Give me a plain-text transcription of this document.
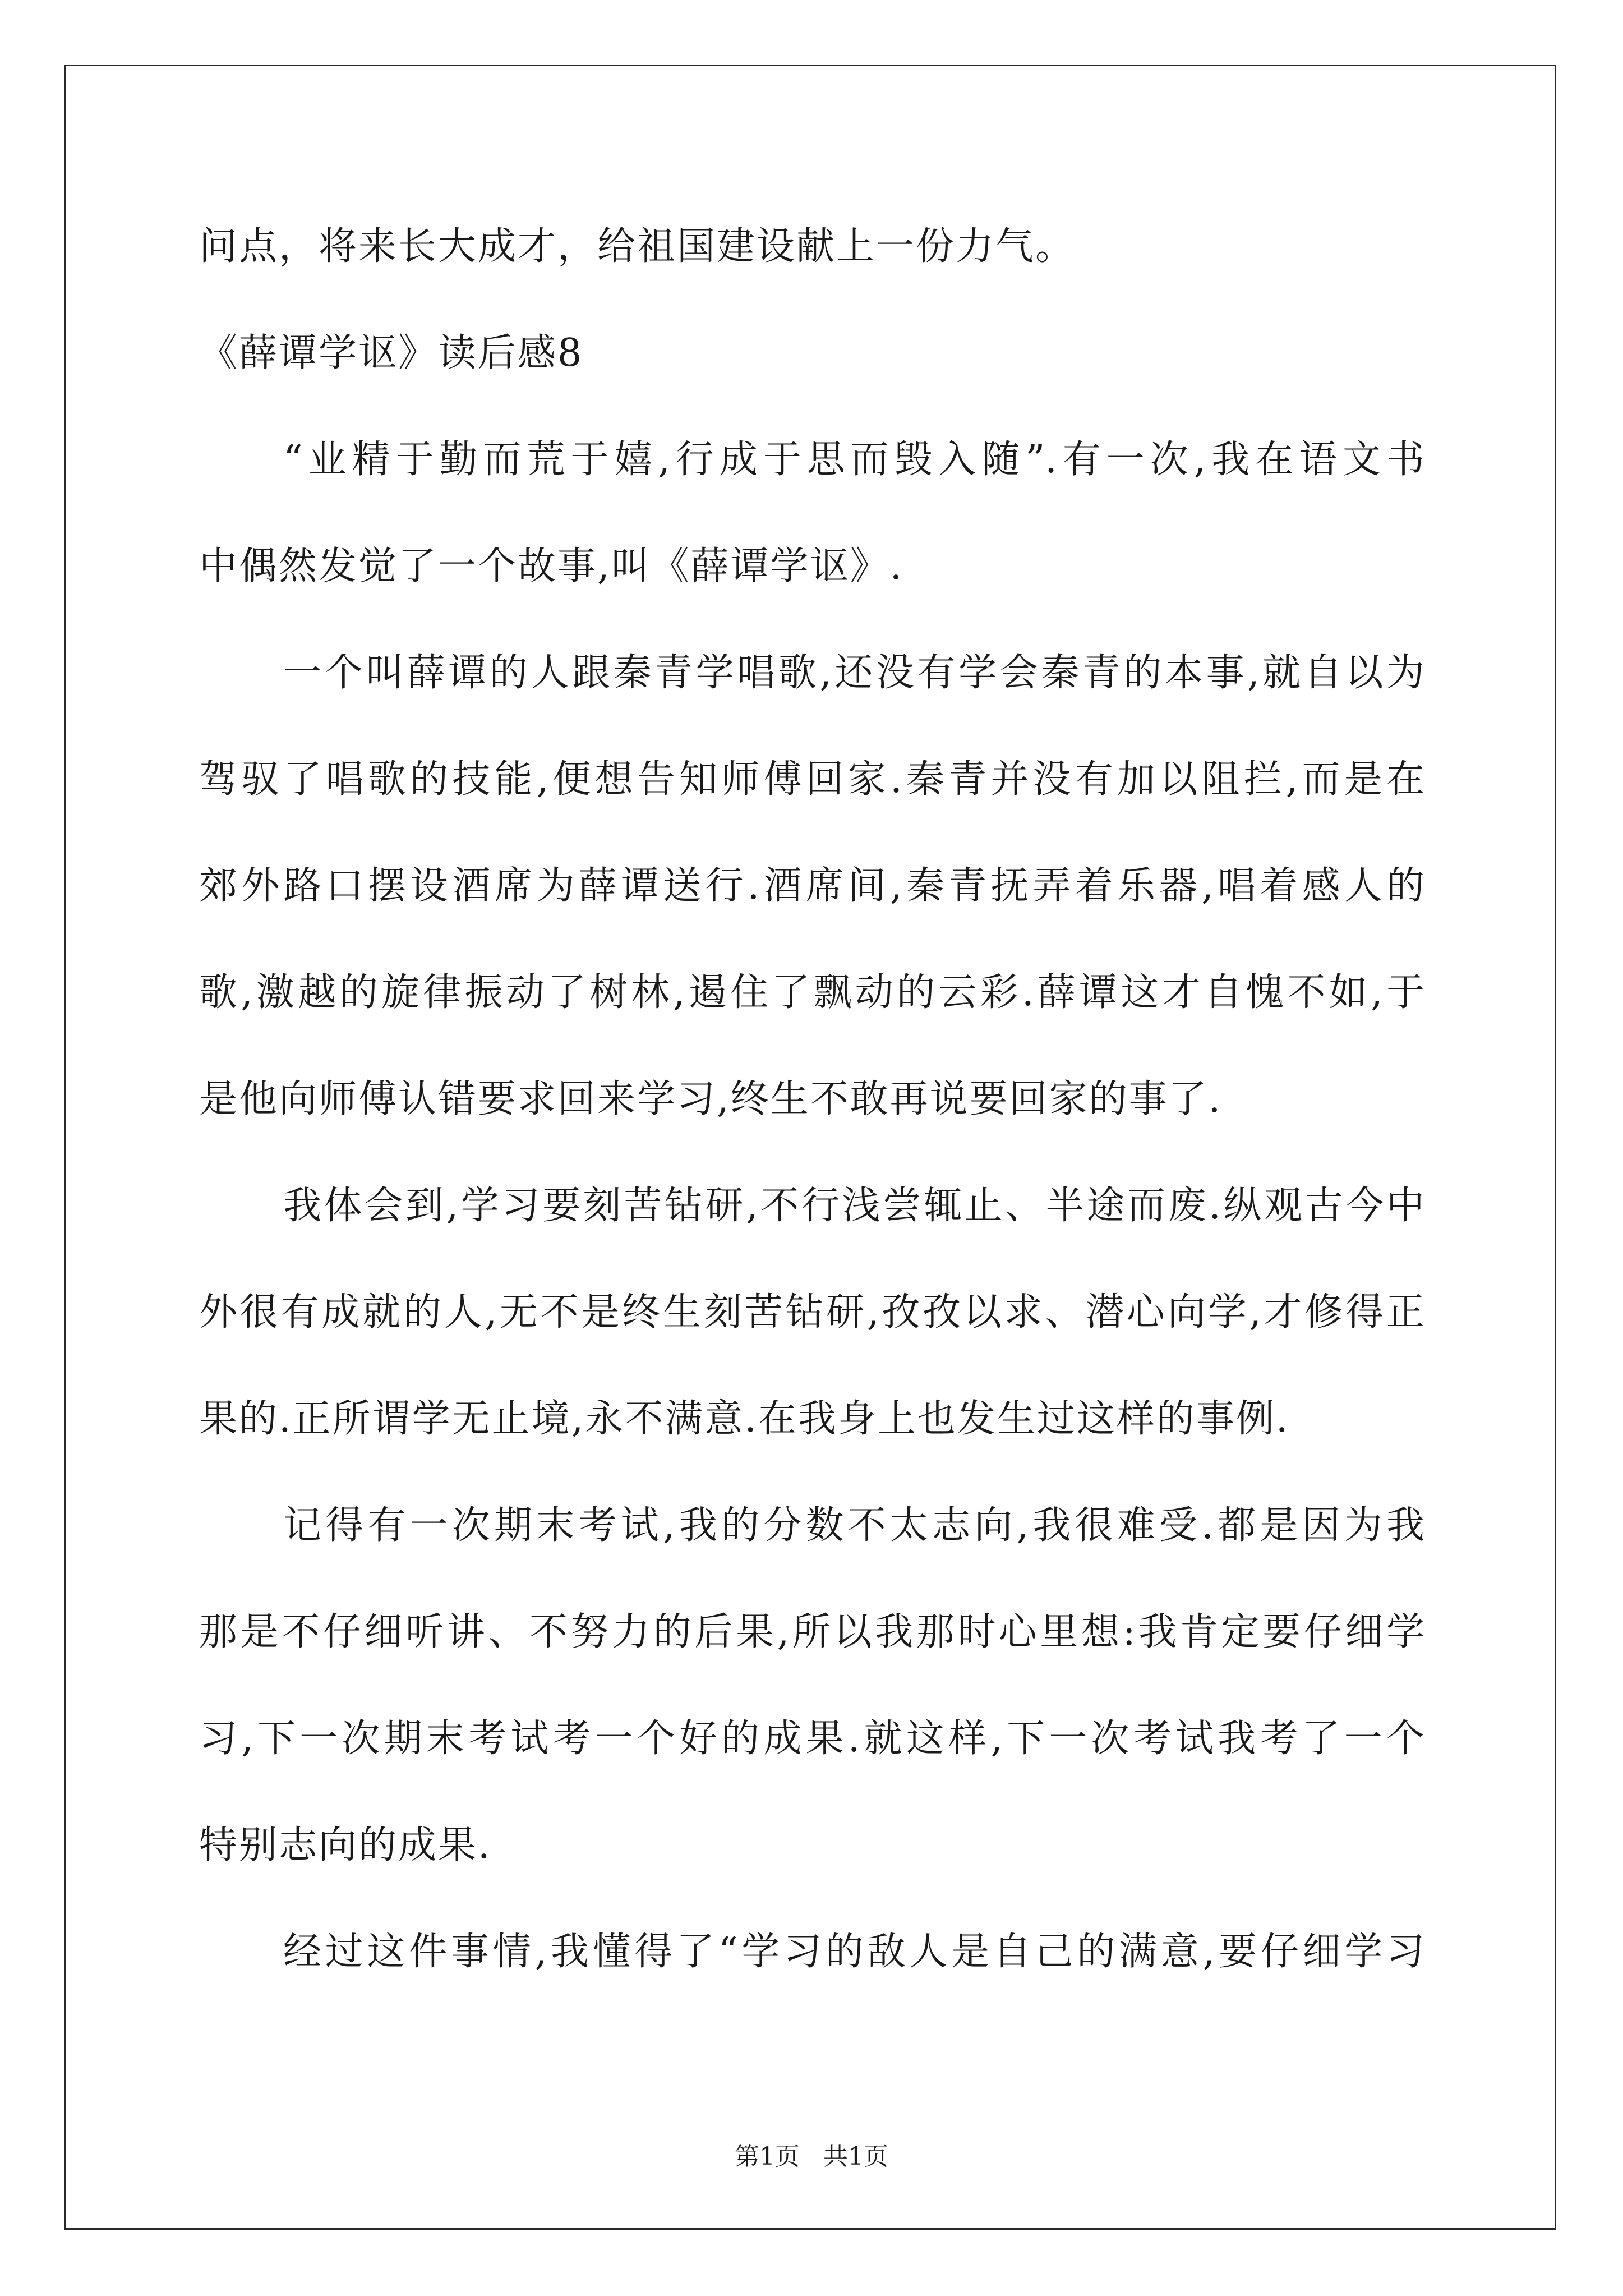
问点，将来长大成才，给祖国建设献上一份力气。
《薛谭学讴》读后感8
“业精于勤而荒于嬉,行成于思而毁入随”.有一次,我在语文书
中偶然发觉了一个故事,叫《薛谭学讴》.
一个叫薛谭的人跟秦青学唱歌,还没有学会秦青的本事,就自以为
驾驭了唱歌的技能,便想告知师傅回家.秦青并没有加以阻拦,而是在
郊外路口摆设酒席为薛谭送行.酒席间,秦青抚弄着乐器,唱着感人的
歌,激越的旋律振动了树林,遏住了飘动的云彩.薛谭这才自愧不如,于
是他向师傅认错要求回来学习,终生不敢再说要回家的事了.
我体会到,学习要刻苦钻研,不行浅尝辄止、半途而废.纵观古今中
外很有成就的人,无不是终生刻苦钻研,孜孜以求、潜心向学,才修得正
果的.正所谓学无止境,永不满意.在我身上也发生过这样的事例.
记得有一次期末考试,我的分数不太志向,我很难受.都是因为我
那是不仔细听讲、不努力的后果,所以我那时心里想:我肯定要仔细学
习,下一次期末考试考一个好的成果.就这样,下一次考试我考了一个
特别志向的成果.
经过这件事情,我懂得了“学习的敌人是自己的满意,要仔细学习
第1页 共1页
